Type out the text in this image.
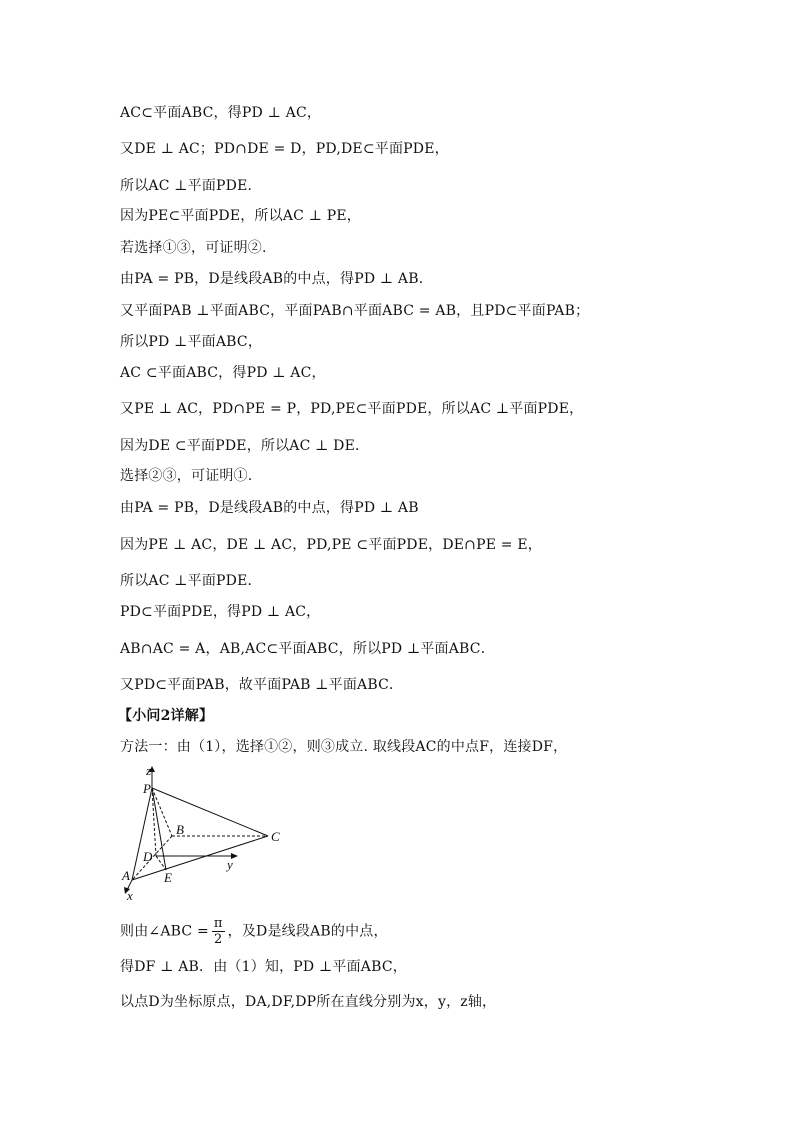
AC⊂平面ABC，得PD ⊥ AC，
又DE ⊥ AC；PD∩DE = D，PD,DE⊂平面PDE，
所以AC ⊥平面PDE．
因为PE⊂平面PDE，所以AC ⊥ PE，
若选择①③，可证明②.
由PA = PB，D是线段AB的中点，得PD ⊥ AB．
又平面PAB ⊥平面ABC，平面PAB∩平面ABC = AB，且PD⊂平面PAB；
所以PD ⊥平面ABC，
AC ⊂平面ABC，得PD ⊥ AC，
又PE ⊥ AC，PD∩PE = P，PD,PE⊂平面PDE，所以AC ⊥平面PDE，
因为DE ⊂平面PDE，所以AC ⊥ DE．
选择②③，可证明①.
由PA = PB，D是线段AB的中点，得PD ⊥ AB
因为PE ⊥ AC，DE ⊥ AC，PD,PE ⊂平面PDE，DE∩PE = E，
所以AC ⊥平面PDE．
PD⊂平面PDE，得PD ⊥ AC，
AB∩AC = A，AB,AC⊂平面ABC，所以PD ⊥平面ABC．
又PD⊂平面PAB，故平面PAB ⊥平面ABC．
【小问2详解】
方法一：由（1），选择①②，则③成立. 取线段AC的中点F，连接DF，
z
P
B	C
D
y
A	E
x
则由∠ABC = $\frac{\pi}{2}$ ，及D是线段AB的中点，
得DF ⊥ AB．由（1）知，PD ⊥平面ABC，
以点D为坐标原点，DA,DF,DP所在直线分别为x，y，z轴，
